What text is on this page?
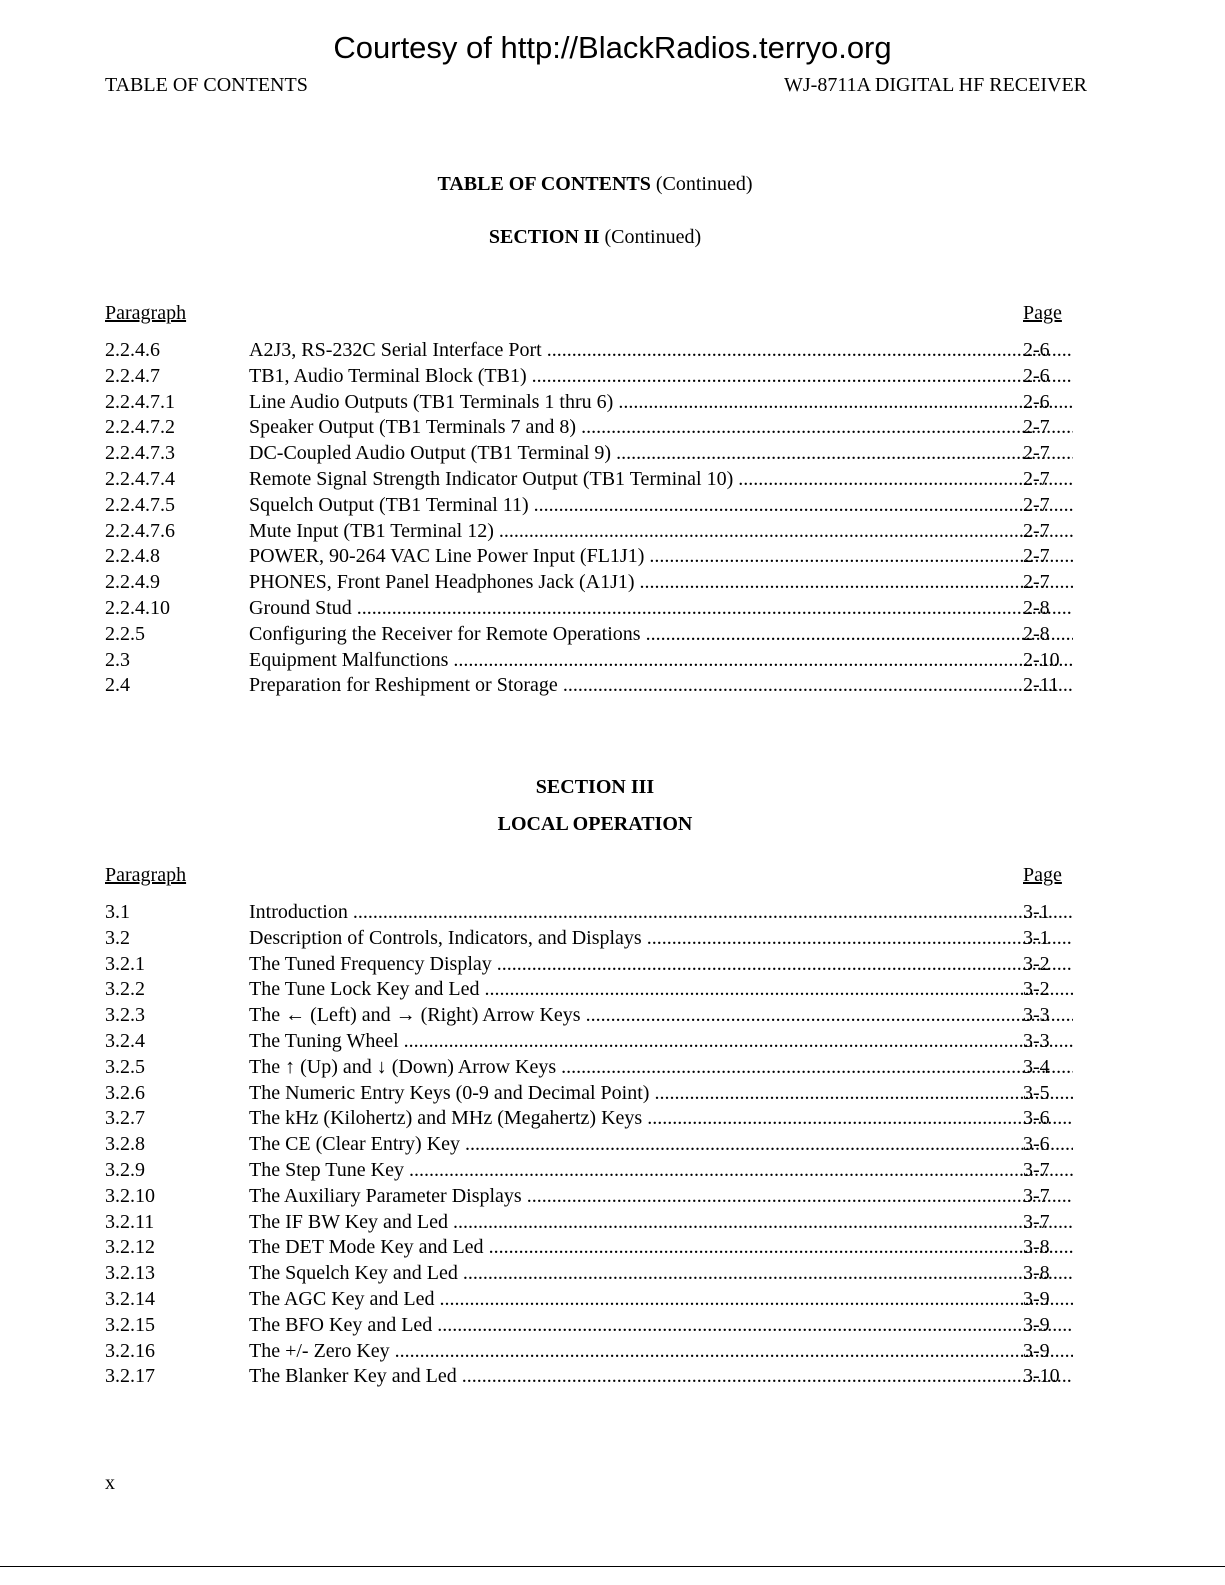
Courtesy of http://BlackRadios.terryo.org
TABLE OF CONTENTS	WJ-8711A DIGITAL HF RECEIVER
TABLE OF CONTENTS (Continued)
SECTION II (Continued)
Paragraph	Page
2.2.4.6	A2J3, RS-232C Serial Interface Port .....	2-6
2.2.4.7	TB1, Audio Terminal Block (TB1) .....	2-6
2.2.4.7.1	Line Audio Outputs (TB1 Terminals 1 thru 6) .....	2-6
2.2.4.7.2	Speaker Output (TB1 Terminals 7 and 8) .....	2-7
2.2.4.7.3	DC-Coupled Audio Output (TB1 Terminal 9) .....	2-7
2.2.4.7.4	Remote Signal Strength Indicator Output (TB1 Terminal 10) .....	2-7
2.2.4.7.5	Squelch Output (TB1 Terminal 11) .....	2-7
2.2.4.7.6	Mute Input (TB1 Terminal 12) .....	2-7
2.2.4.8	POWER, 90-264 VAC Line Power Input (FL1J1) .....	2-7
2.2.4.9	PHONES, Front Panel Headphones Jack (A1J1) .....	2-7
2.2.4.10	Ground Stud .....	2-8
2.2.5	Configuring the Receiver for Remote Operations .....	2-8
2.3	Equipment Malfunctions .....	2-10
2.4	Preparation for Reshipment or Storage .....	2-11
SECTION III
LOCAL OPERATION
Paragraph	Page
3.1	Introduction .....	3-1
3.2	Description of Controls, Indicators, and Displays .....	3-1
3.2.1	The Tuned Frequency Display .....	3-2
3.2.2	The Tune Lock Key and Led .....	3-2
3.2.3	The ← (Left) and → (Right) Arrow Keys .....	3-3
3.2.4	The Tuning Wheel .....	3-3
3.2.5	The ↑ (Up) and ↓ (Down) Arrow Keys .....	3-4
3.2.6	The Numeric Entry Keys (0-9 and Decimal Point) .....	3-5
3.2.7	The kHz (Kilohertz) and MHz (Megahertz) Keys .....	3-6
3.2.8	The CE (Clear Entry) Key .....	3-6
3.2.9	The Step Tune Key .....	3-7
3.2.10	The Auxiliary Parameter Displays .....	3-7
3.2.11	The IF BW Key and Led .....	3-7
3.2.12	The DET Mode Key and Led .....	3-8
3.2.13	The Squelch Key and Led .....	3-8
3.2.14	The AGC Key and Led .....	3-9
3.2.15	The BFO Key and Led .....	3-9
3.2.16	The +/- Zero Key .....	3-9
3.2.17	The Blanker Key and Led .....	3-10
x
